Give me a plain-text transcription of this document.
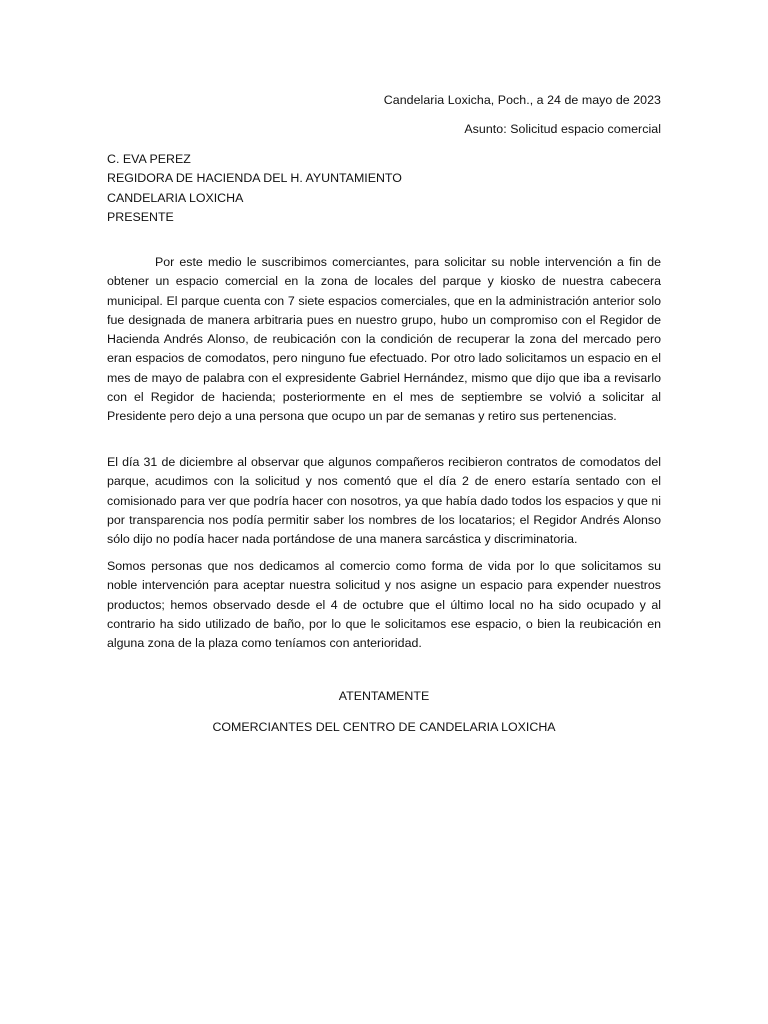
Candelaria Loxicha, Poch., a 24 de mayo de 2023
Asunto: Solicitud espacio comercial
C. EVA PEREZ
REGIDORA DE HACIENDA DEL H. AYUNTAMIENTO
CANDELARIA LOXICHA
PRESENTE

Por este medio le suscribimos comerciantes, para solicitar su noble intervención a fin de obtener un espacio comercial en la zona de locales del parque y kiosko de nuestra cabecera municipal. El parque cuenta con 7 siete espacios comerciales, que en la administración anterior solo fue designada de manera arbitraria pues en nuestro grupo, hubo un compromiso con el Regidor de Hacienda Andrés Alonso, de reubicación con la condición de recuperar la zona del mercado pero eran espacios de comodatos, pero ninguno fue efectuado. Por otro lado solicitamos un espacio en el mes de mayo de palabra con el expresidente Gabriel Hernández, mismo que dijo que iba a revisarlo con el Regidor de hacienda; posteriormente en el mes de septiembre se volvió a solicitar al Presidente pero dejo a una persona que ocupo un par de semanas y retiro sus pertenencias.

El día 31 de diciembre al observar que algunos compañeros recibieron contratos de comodatos del parque, acudimos con la solicitud y nos comentó que el día 2 de enero estaría sentado con el comisionado para ver que podría hacer con nosotros, ya que había dado todos los espacios y que ni por transparencia nos podía permitir saber los nombres de los locatarios; el Regidor Andrés Alonso sólo dijo no podía hacer nada portándose de una manera sarcástica y discriminatoria.

Somos personas que nos dedicamos al comercio como forma de vida por lo que solicitamos su noble intervención para aceptar nuestra solicitud y nos asigne un espacio para expender nuestros productos; hemos observado desde el 4 de octubre que el último local no ha sido ocupado y al contrario ha sido utilizado de baño, por lo que le solicitamos ese espacio, o bien la reubicación en alguna zona de la plaza como teníamos con anterioridad.

ATENTAMENTE
COMERCIANTES DEL CENTRO DE CANDELARIA LOXICHA
